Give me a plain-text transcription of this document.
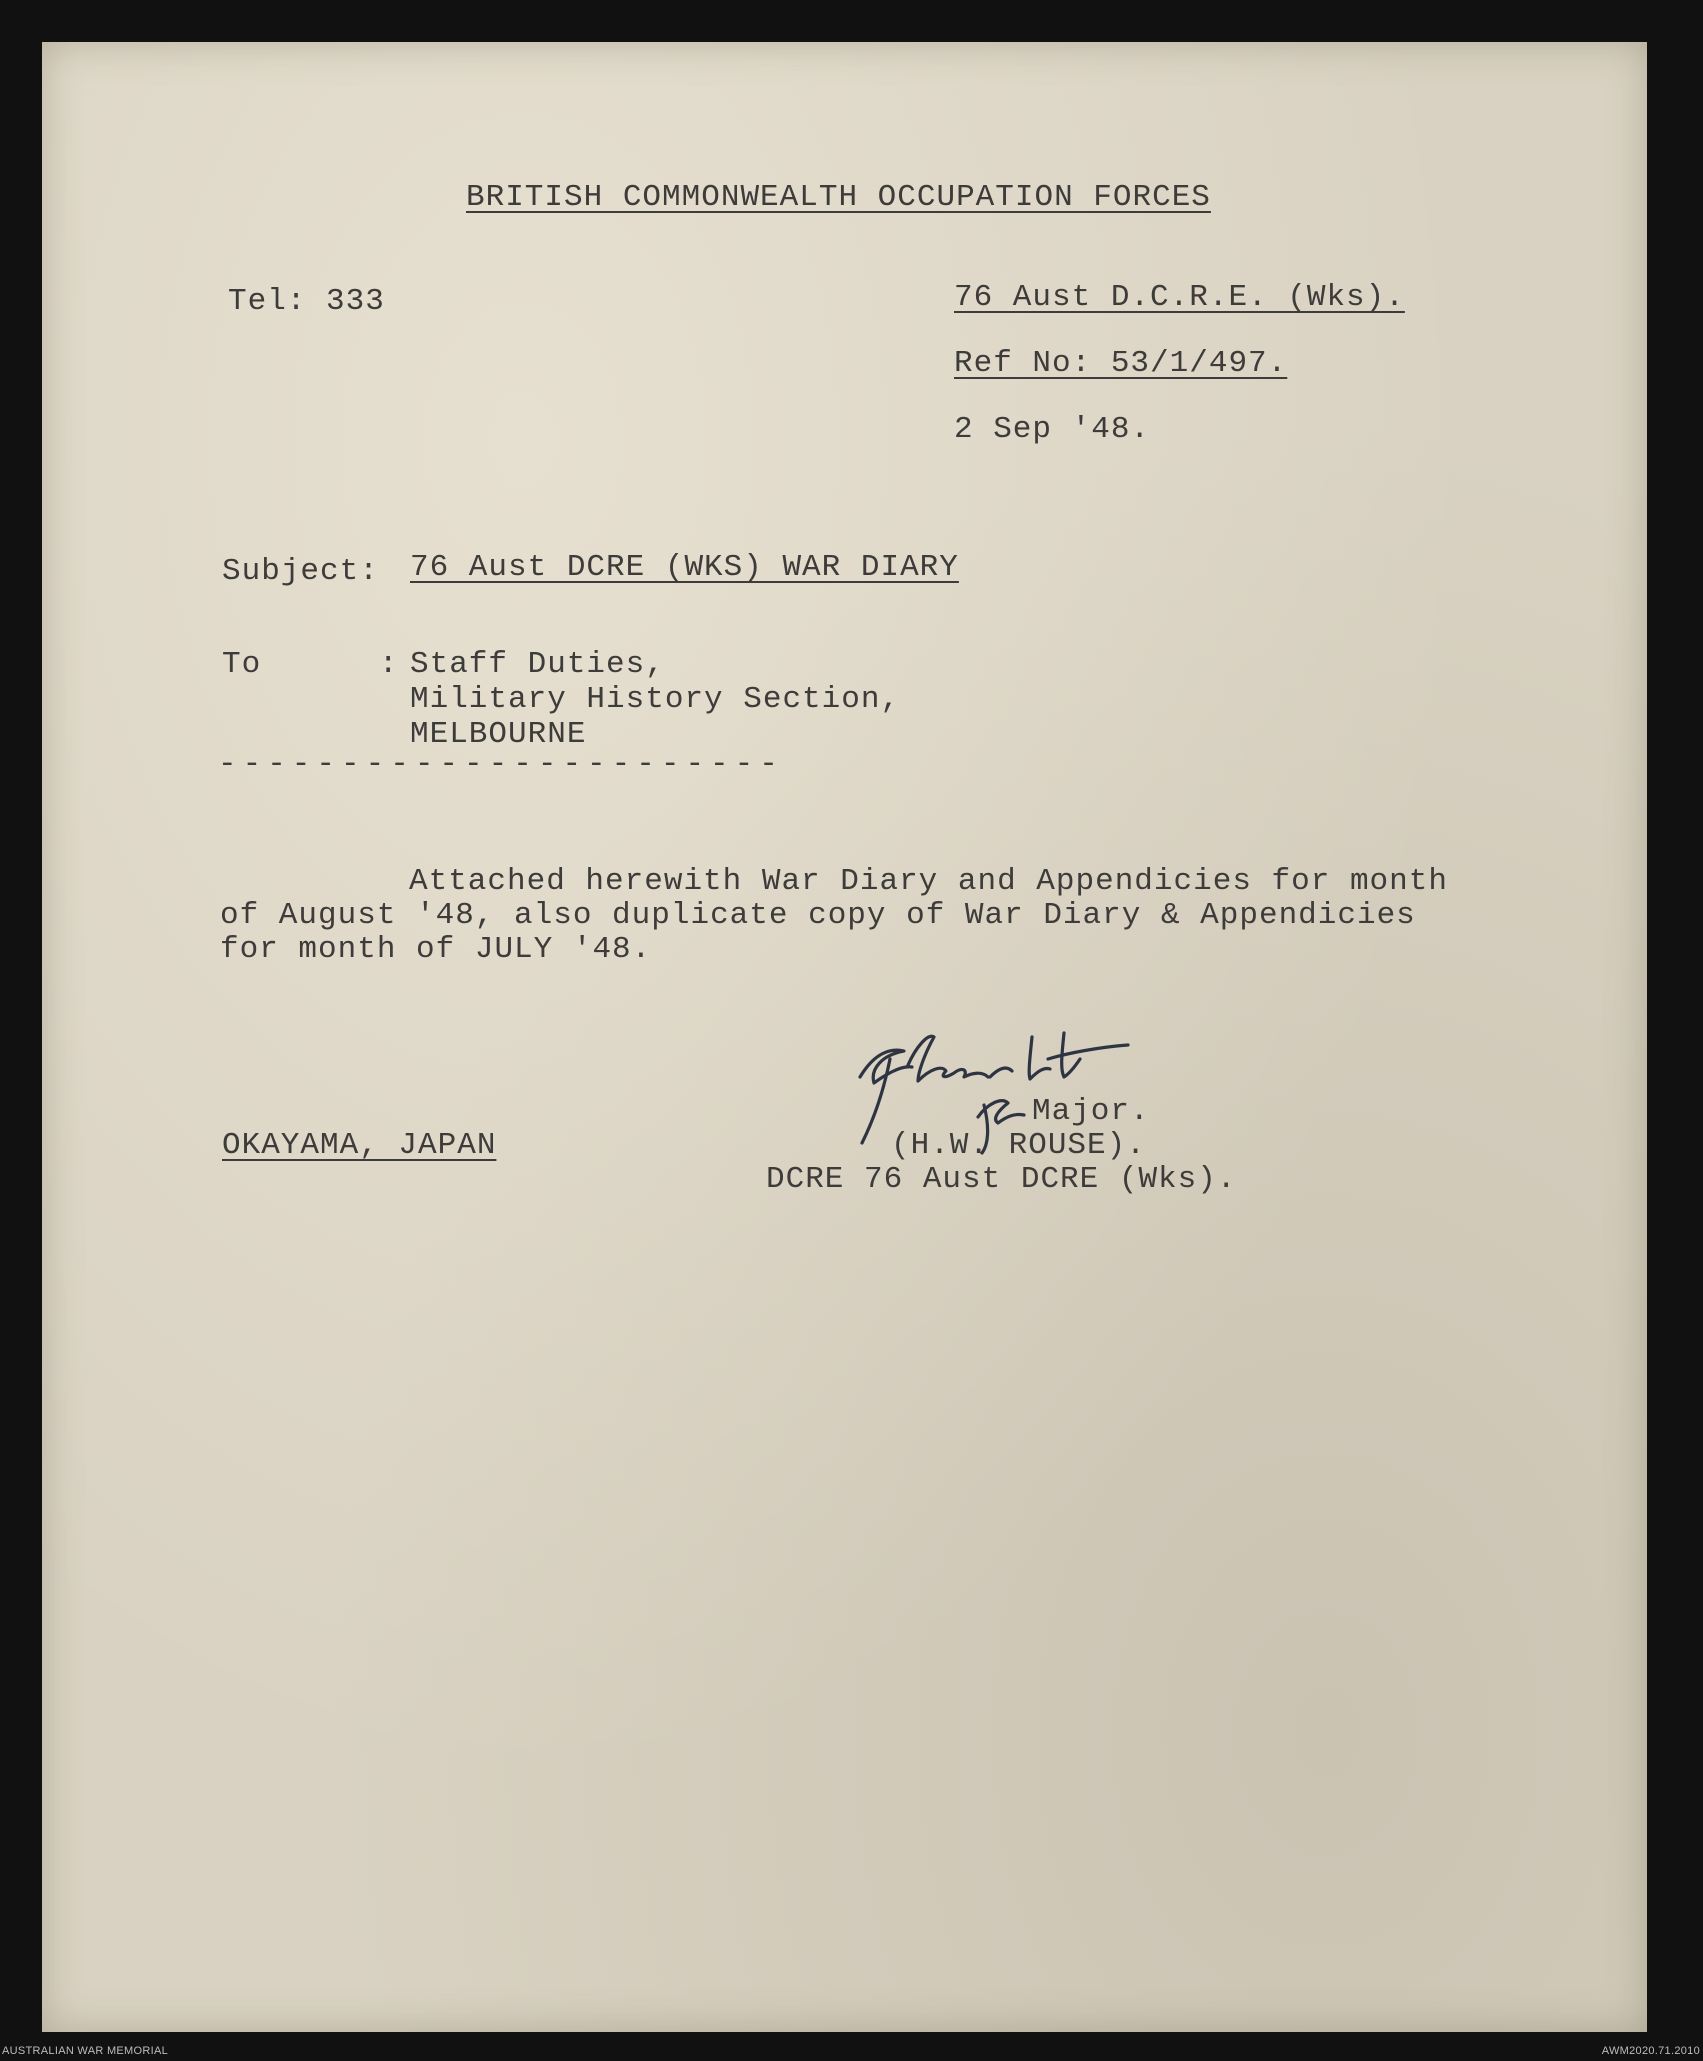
BRITISH COMMONWEALTH OCCUPATION FORCES
Tel: 333	76 Aust D.C.R.E. (Wks).
Ref No: 53/1/497.
2 Sep '48.
Subject: 76 Aust DCRE (WKS) WAR DIARY
To      : Staff Duties,
Military History Section,
MELBOURNE
-----------------------
Attached herewith War Diary and Appendicies for month
of August '48, also duplicate copy of War Diary & Appendicies
for month of JULY '48.
Major.
(H.W. ROUSE).
DCRE 76 Aust DCRE (Wks).
OKAYAMA, JAPAN
AUSTRALIAN WAR MEMORIAL	AWM2020.71.2010
